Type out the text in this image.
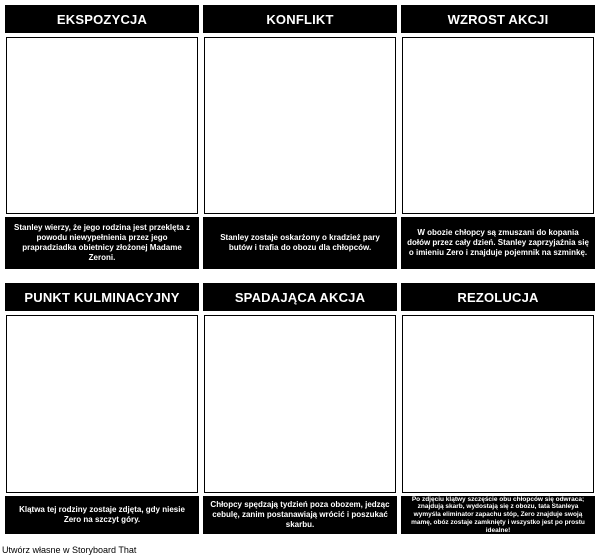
EKSPOZYCJA
Stanley wierzy, że jego rodzina jest przeklęta z powodu niewypełnienia przez jego prapradziadka obietnicy złożonej Madame Zeroni.
KONFLIKT
Stanley zostaje oskarżony o kradzież pary butów i trafia do obozu dla chłopców.
WZROST AKCJI
W obozie chłopcy są zmuszani do kopania dołów przez cały dzień. Stanley zaprzyjaźnia się o imieniu Zero i znajduje pojemnik na szminkę.
PUNKT KULMINACYJNY
Klątwa tej rodziny zostaje zdjęta, gdy niesie Zero na szczyt góry.
SPADAJĄCA AKCJA
Chłopcy spędzają tydzień poza obozem, jedząc cebulę, zanim postanawiają wrócić i poszukać skarbu.
REZOLUCJA
Po zdjęciu klątwy szczęście obu chłopców się odwraca; znajdują skarb, wydostają się z obozu, tata Stanleya wymyśla eliminator zapachu stóp, Zero znajduje swoją mamę, obóz zostaje zamknięty i wszystko jest po prostu idealne!
Utwórz własne w Storyboard That
